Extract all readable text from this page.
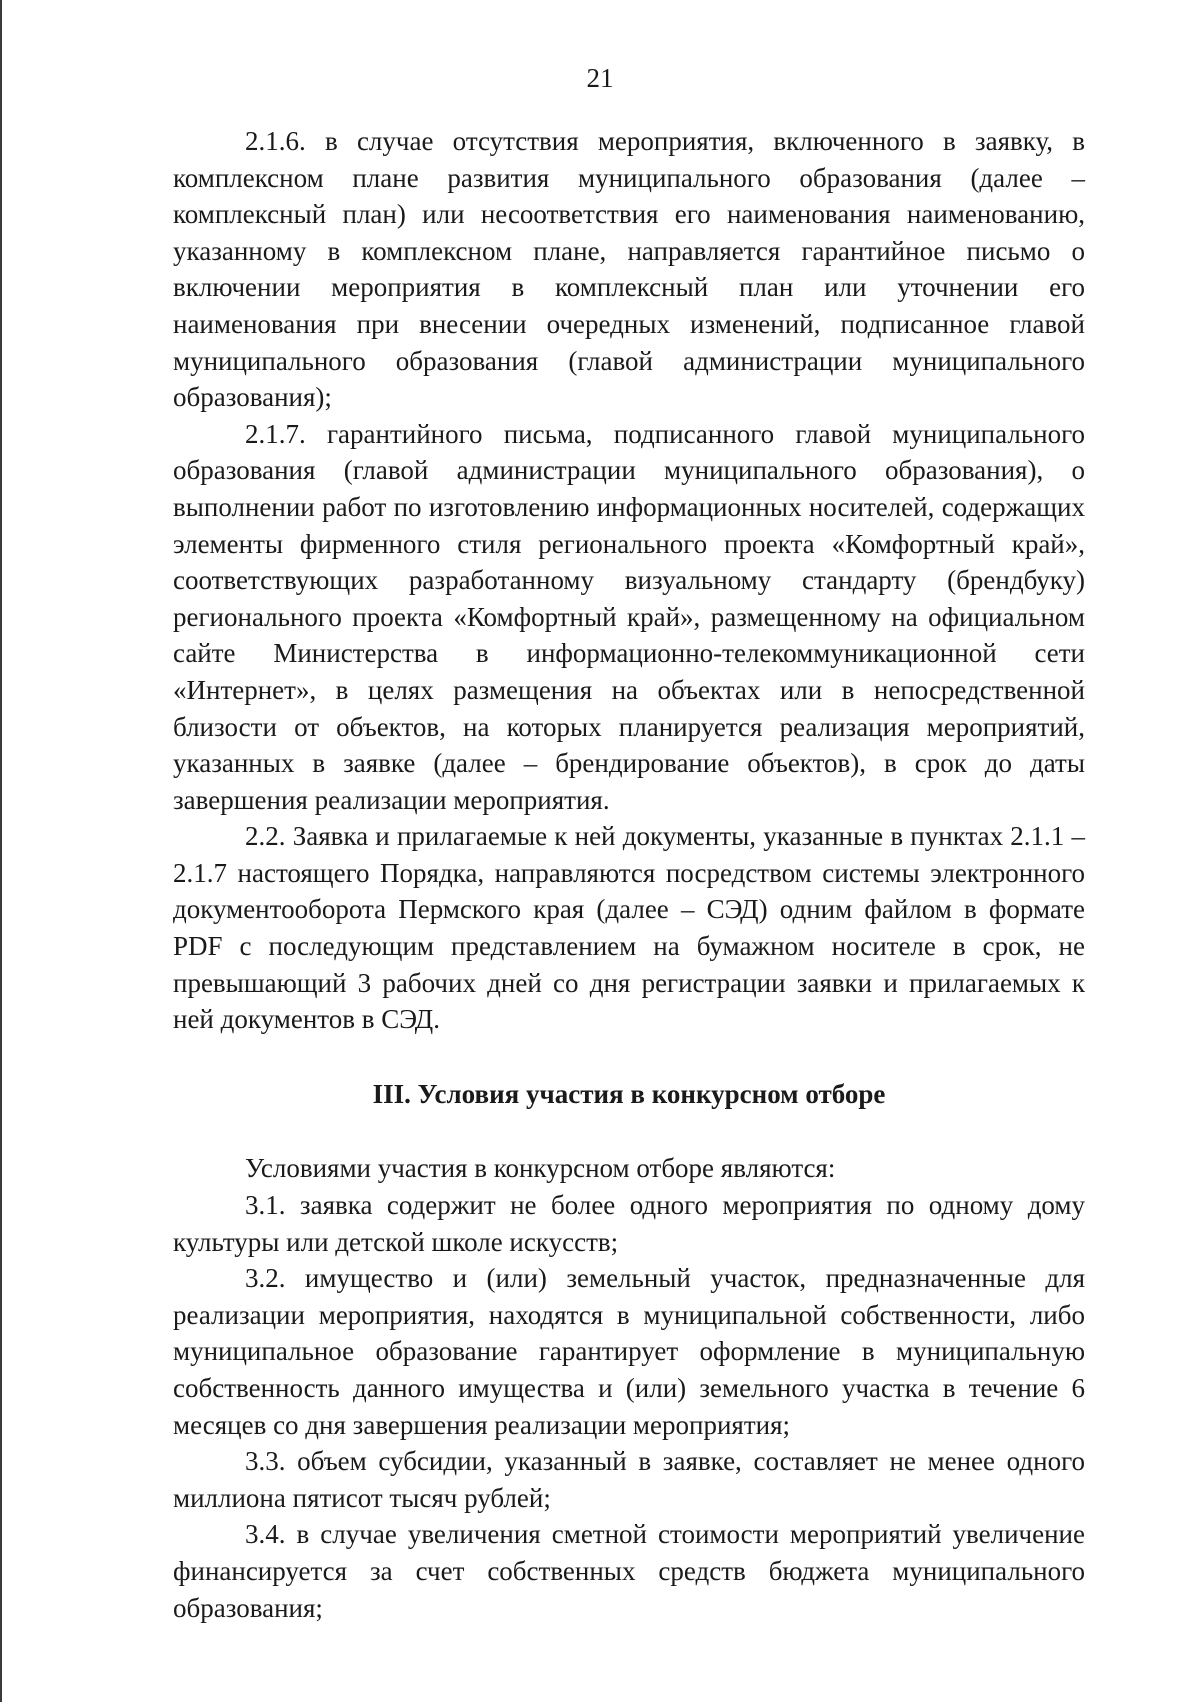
21

2.1.6. в случае отсутствия мероприятия, включенного в заявку, в комплексном плане развития муниципального образования (далее – комплексный план) или несоответствия его наименования наименованию, указанному в комплексном плане, направляется гарантийное письмо о включении мероприятия в комплексный план или уточнении его наименования при внесении очередных изменений, подписанное главой муниципального образования (главой администрации муниципального образования);

2.1.7. гарантийного письма, подписанного главой муниципального образования (главой администрации муниципального образования), о выполнении работ по изготовлению информационных носителей, содержащих элементы фирменного стиля регионального проекта «Комфортный край», соответствующих разработанному визуальному стандарту (брендбуку) регионального проекта «Комфортный край», размещенному на официальном сайте Министерства в информационно-телекоммуникационной сети «Интернет», в целях размещения на объектах или в непосредственной близости от объектов, на которых планируется реализация мероприятий, указанных в заявке (далее – брендирование объектов), в срок до даты завершения реализации мероприятия.

2.2. Заявка и прилагаемые к ней документы, указанные в пунктах 2.1.1 – 2.1.7 настоящего Порядка, направляются посредством системы электронного документооборота Пермского края (далее – СЭД) одним файлом в формате PDF с последующим представлением на бумажном носителе в срок, не превышающий 3 рабочих дней со дня регистрации заявки и прилагаемых к ней документов в СЭД.

III. Условия участия в конкурсном отборе

Условиями участия в конкурсном отборе являются:

3.1. заявка содержит не более одного мероприятия по одному дому культуры или детской школе искусств;

3.2. имущество и (или) земельный участок, предназначенные для реализации мероприятия, находятся в муниципальной собственности, либо муниципальное образование гарантирует оформление в муниципальную собственность данного имущества и (или) земельного участка в течение 6 месяцев со дня завершения реализации мероприятия;

3.3. объем субсидии, указанный в заявке, составляет не менее одного миллиона пятисот тысяч рублей;

3.4. в случае увеличения сметной стоимости мероприятий увеличение финансируется за счет собственных средств бюджета муниципального образования;
